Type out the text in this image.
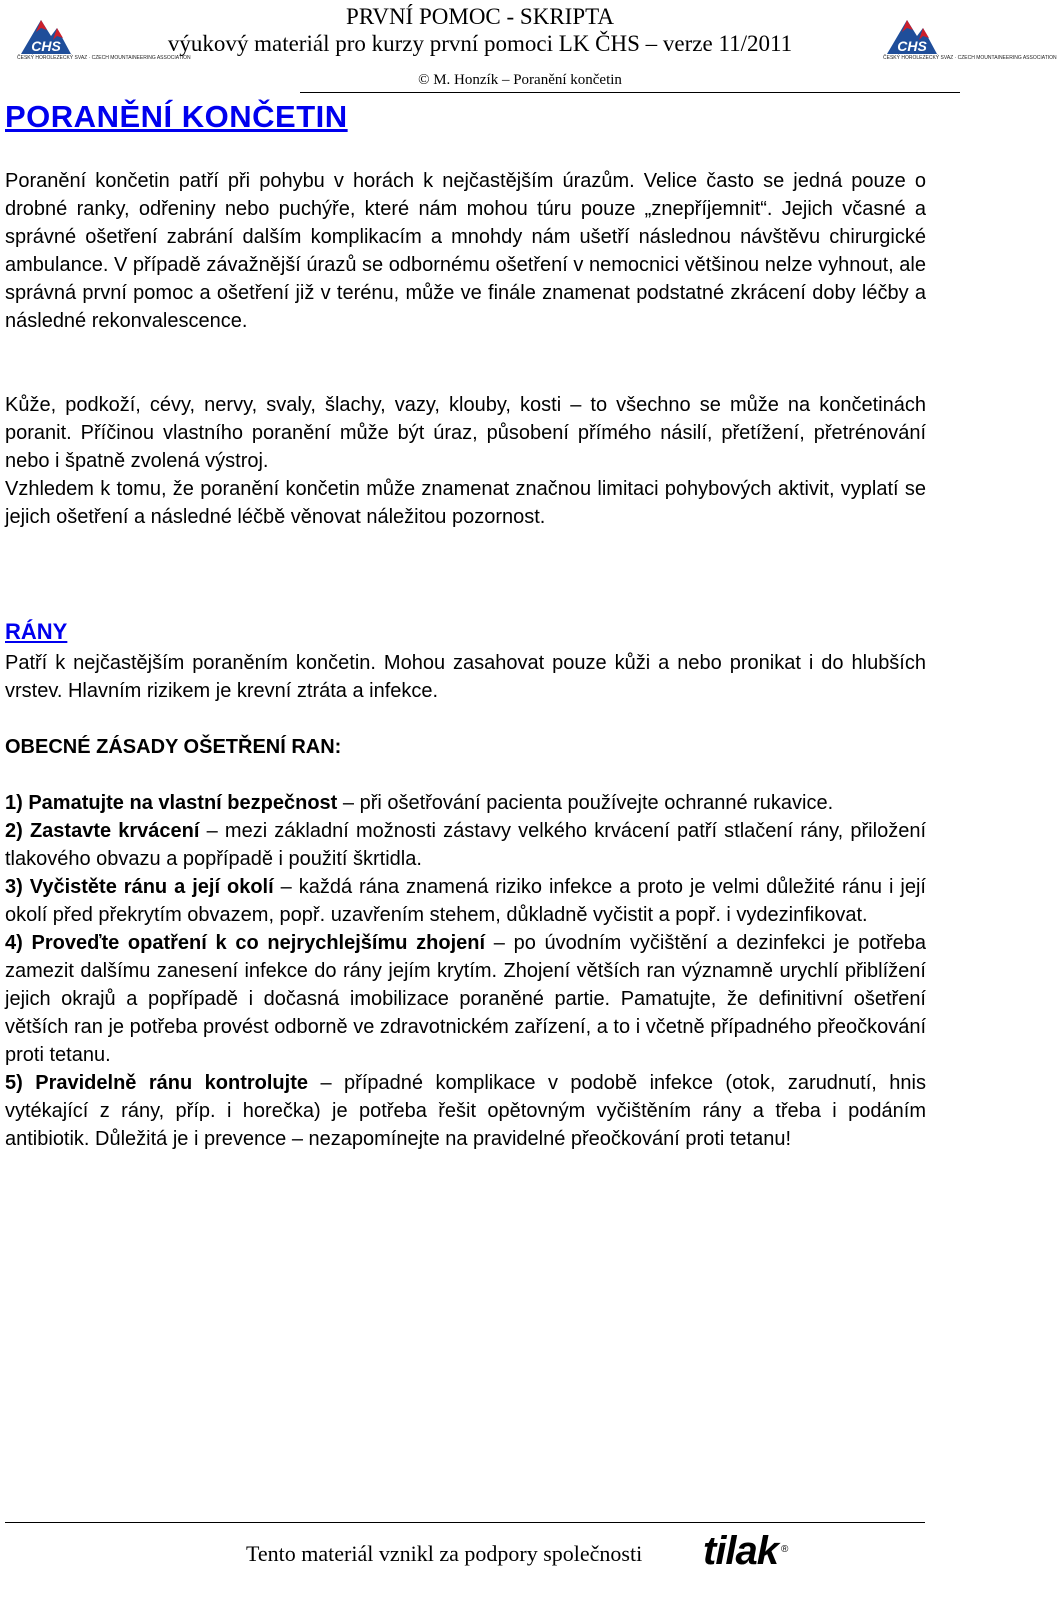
CHS
ČESKÝ HOROLEZECKÝ SVAZ · CZECH MOUNTAINEERING ASSOCIATION
CHS
ČESKÝ HOROLEZECKÝ SVAZ · CZECH MOUNTAINEERING ASSOCIATION
PRVNÍ POMOC - SKRIPTA
výukový materiál pro kurzy první pomoci LK ČHS – verze 11/2011
© M. Honzík – Poranění končetin
PORANĚNÍ KONČETIN

Poranění končetin patří při pohybu v horách k nejčastějším úrazům. Velice často se jedná pouze o drobné ranky, odřeniny nebo puchýře, které nám mohou túru pouze „znepříjemnit“. Jejich včasné a správné ošetření zabrání dalším komplikacím a mnohdy nám ušetří následnou návštěvu chirurgické ambulance. V případě závažnější úrazů se odbornému ošetření v nemocnici většinou nelze vyhnout, ale správná první pomoc a ošetření již v terénu, může ve finále znamenat podstatné zkrácení doby léčby a následné rekonvalescence.

Kůže, podkoží, cévy, nervy, svaly, šlachy, vazy, klouby, kosti – to všechno se může na končetinách poranit. Příčinou vlastního poranění může být úraz, působení přímého násilí, přetížení, přetrénování nebo i špatně zvolená výstroj.

Vzhledem k tomu, že poranění končetin může znamenat značnou limitaci pohybových aktivit, vyplatí se jejich ošetření a následné léčbě věnovat náležitou pozornost.

RÁNY

Patří k nejčastějším poraněním končetin. Mohou zasahovat pouze kůži a nebo pronikat i do hlubších vrstev. Hlavním rizikem je krevní ztráta a infekce.

OBECNÉ ZÁSADY OŠETŘENÍ RAN:
1) Pamatujte na vlastní bezpečnost – při ošetřování pacienta používejte ochranné rukavice.
2) Zastavte krvácení – mezi základní možnosti zástavy velkého krvácení patří stlačení rány, přiložení tlakového obvazu a popřípadě i použití škrtidla.
3) Vyčistěte ránu a její okolí – každá rána znamená riziko infekce a proto je velmi důležité ránu i její okolí před překrytím obvazem, popř. uzavřením stehem, důkladně vyčistit a popř. i vydezinfikovat.
4) Proveďte opatření k co nejrychlejšímu zhojení – po úvodním vyčištění a dezinfekci je potřeba zamezit dalšímu zanesení infekce do rány jejím krytím. Zhojení větších ran významně urychlí přiblížení jejich okrajů a popřípadě i dočasná imobilizace poraněné partie. Pamatujte, že definitivní ošetření větších ran je potřeba provést odborně ve zdravotnickém zařízení, a to i včetně případného přeočkování proti tetanu.
5) Pravidelně ránu kontrolujte – případné komplikace v podobě infekce (otok, zarudnutí, hnis vytékající z rány, příp. i horečka) je potřeba řešit opětovným vyčištěním rány a třeba i podáním antibiotik. Důležitá je i prevence – nezapomínejte na pravidelné přeočkování proti tetanu!
Tento materiál vznikl za podpory společnosti tilak ®
